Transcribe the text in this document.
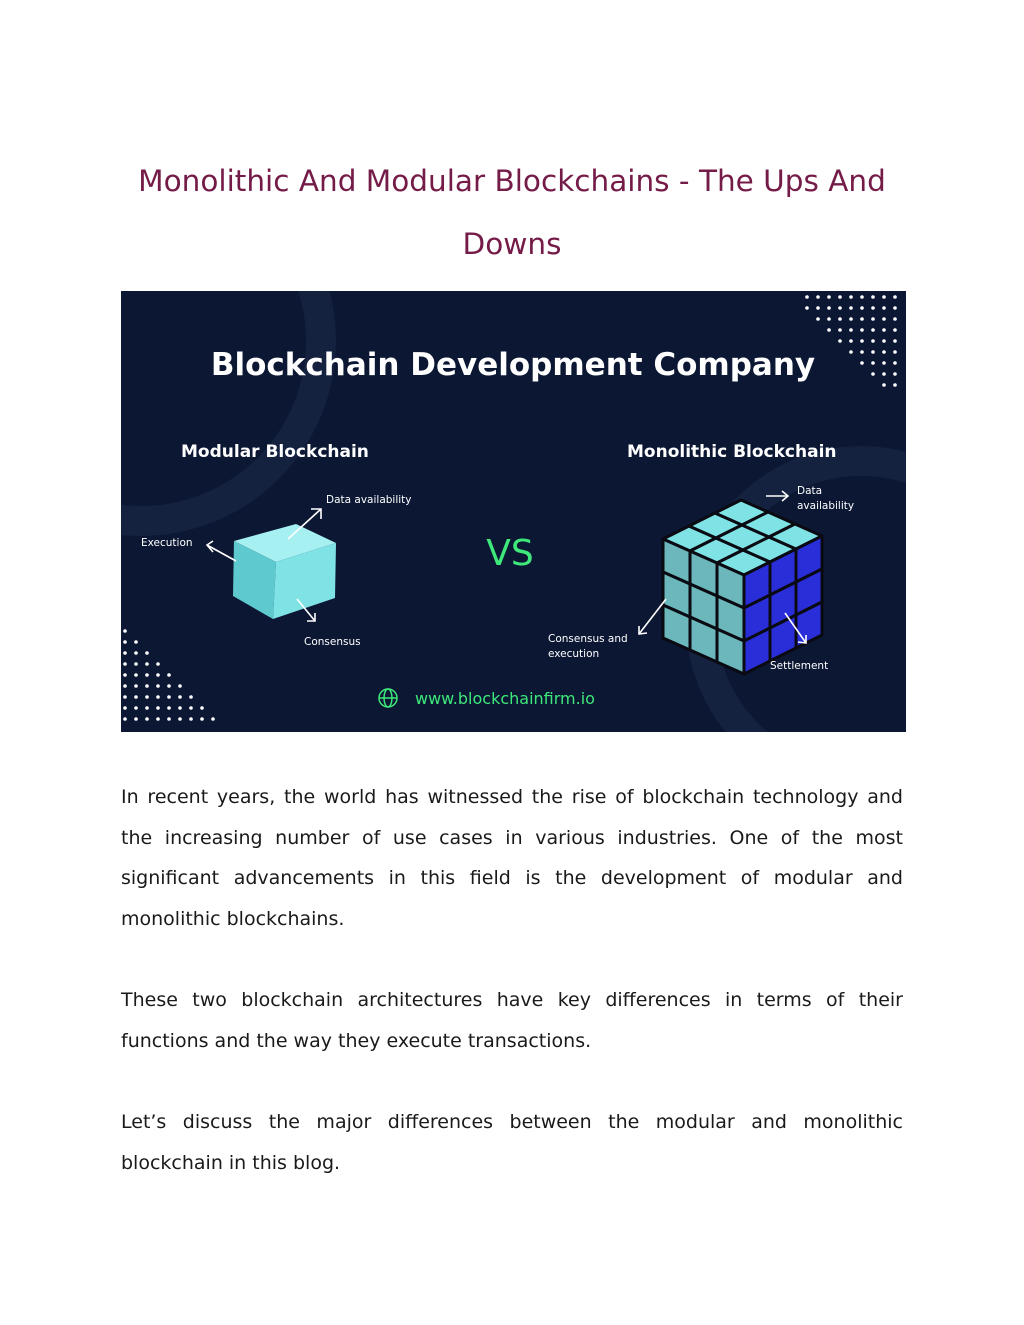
Monolithic And Modular Blockchains - The Ups And Downs
Blockchain Development Company
Modular Blockchain	Monolithic Blockchain
VS
Data availability
Execution
Consensus
Data
availability
Consensus and
execution
Settlement
www.blockchainfirm.io

In recent years, the world has witnessed the rise of blockchain technology and the increasing number of use cases in various industries. One of the most significant advancements in this field is the development of modular and monolithic blockchains.

These two blockchain architectures have key differences in terms of their functions and the way they execute transactions.

Let’s discuss the major differences between the modular and monolithic blockchain in this blog.
